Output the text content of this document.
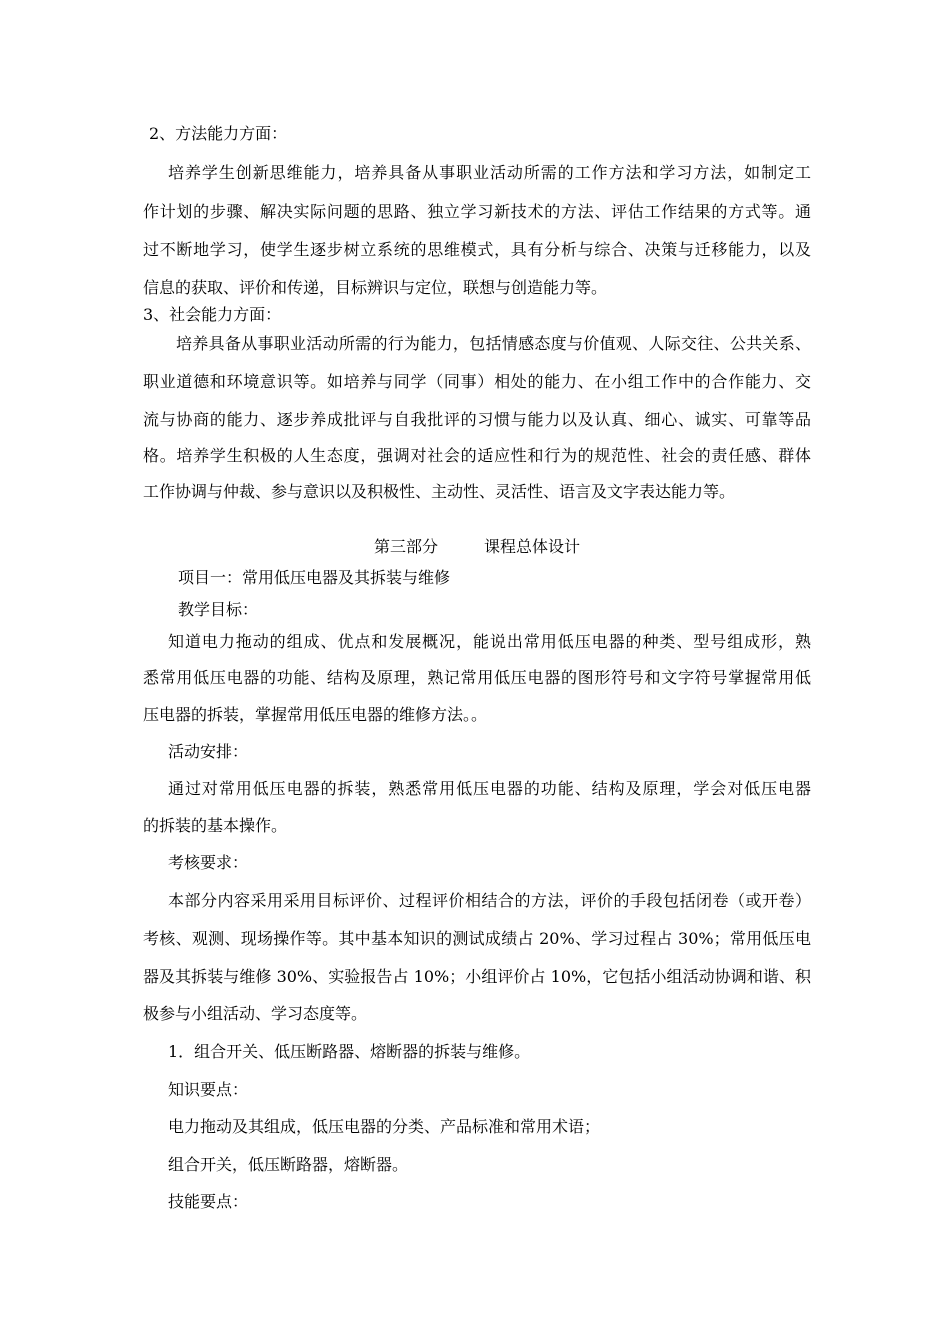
2、方法能力方面：
培养学生创新思维能力，培养具备从事职业活动所需的工作方法和学习方法，如制定工
作计划的步骤、解决实际问题的思路、独立学习新技术的方法、评估工作结果的方式等。通
过不断地学习，使学生逐步树立系统的思维模式，具有分析与综合、决策与迁移能力，以及
信息的获取、评价和传递，目标辨识与定位，联想与创造能力等。
3、社会能力方面：
培养具备从事职业活动所需的行为能力，包括情感态度与价值观、人际交往、公共关系、
职业道德和环境意识等。如培养与同学（同事）相处的能力、在小组工作中的合作能力、交
流与协商的能力、逐步养成批评与自我批评的习惯与能力以及认真、细心、诚实、可靠等品
格。培养学生积极的人生态度，强调对社会的适应性和行为的规范性、社会的责任感、群体
工作协调与仲裁、参与意识以及积极性、主动性、灵活性、语言及文字表达能力等。
第三部分	课程总体设计
项目一：常用低压电器及其拆装与维修
教学目标：
知道电力拖动的组成、优点和发展概况，能说出常用低压电器的种类、型号组成形，熟
悉常用低压电器的功能、结构及原理，熟记常用低压电器的图形符号和文字符号掌握常用低
压电器的拆装，掌握常用低压电器的维修方法。。
活动安排：
通过对常用低压电器的拆装，熟悉常用低压电器的功能、结构及原理，学会对低压电器
的拆装的基本操作。
考核要求：
本部分内容采用采用目标评价、过程评价相结合的方法，评价的手段包括闭卷（或开卷）
考核、观测、现场操作等。其中基本知识的测试成绩占 20%、学习过程占 30%；常用低压电
器及其拆装与维修 30%、实验报告占 10%；小组评价占 10%，它包括小组活动协调和谐、积
极参与小组活动、学习态度等。
1．组合开关、低压断路器、熔断器的拆装与维修。
知识要点：
电力拖动及其组成，低压电器的分类、产品标准和常用术语；
组合开关，低压断路器，熔断器。
技能要点：
